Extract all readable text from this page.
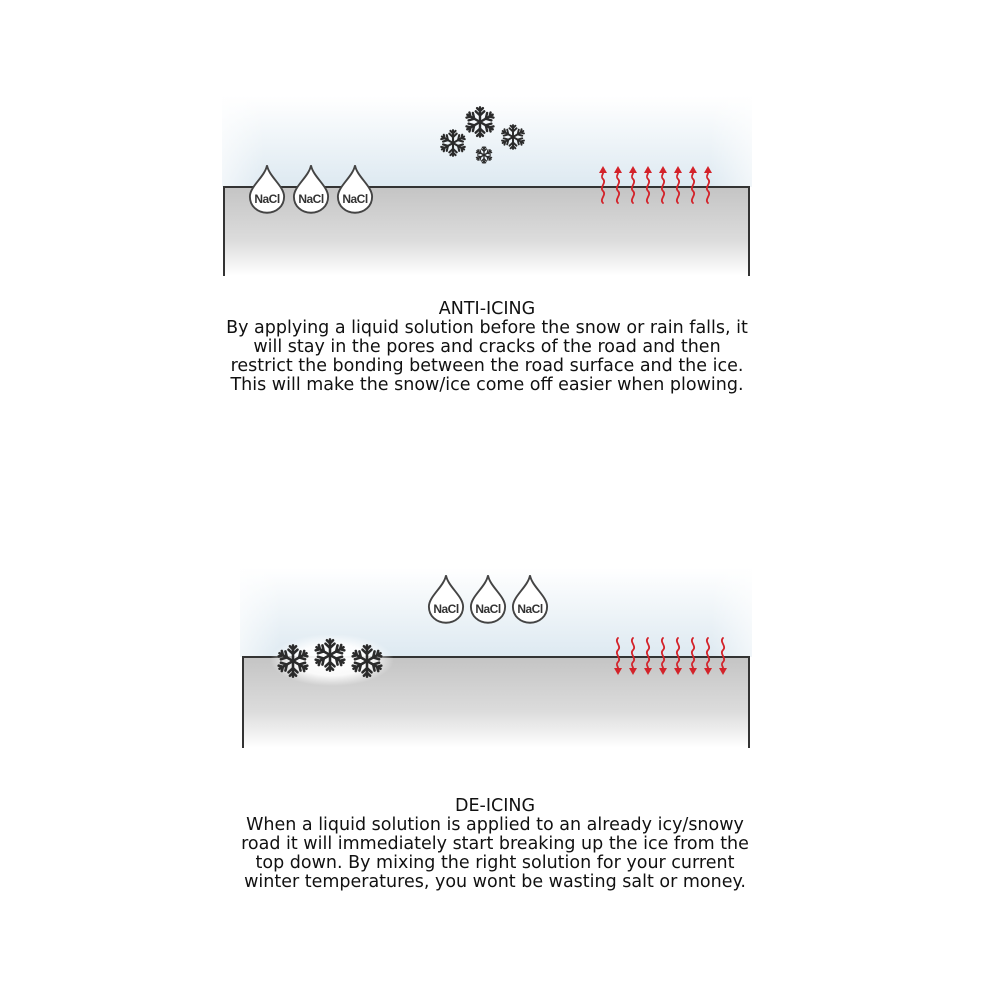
NaCl NaCl NaCl
ANTI-ICING
By applying a liquid solution before the snow or rain falls, it
will stay in the pores and cracks of the road and then
restrict the bonding between the road surface and the ice.
This will make the snow/ice come off easier when plowing.
NaCl NaCl NaCl
DE-ICING
When a liquid solution is applied to an already icy/snowy
road it will immediately start breaking up the ice from the
top down. By mixing the right solution for your current
winter temperatures, you wont be wasting salt or money.
